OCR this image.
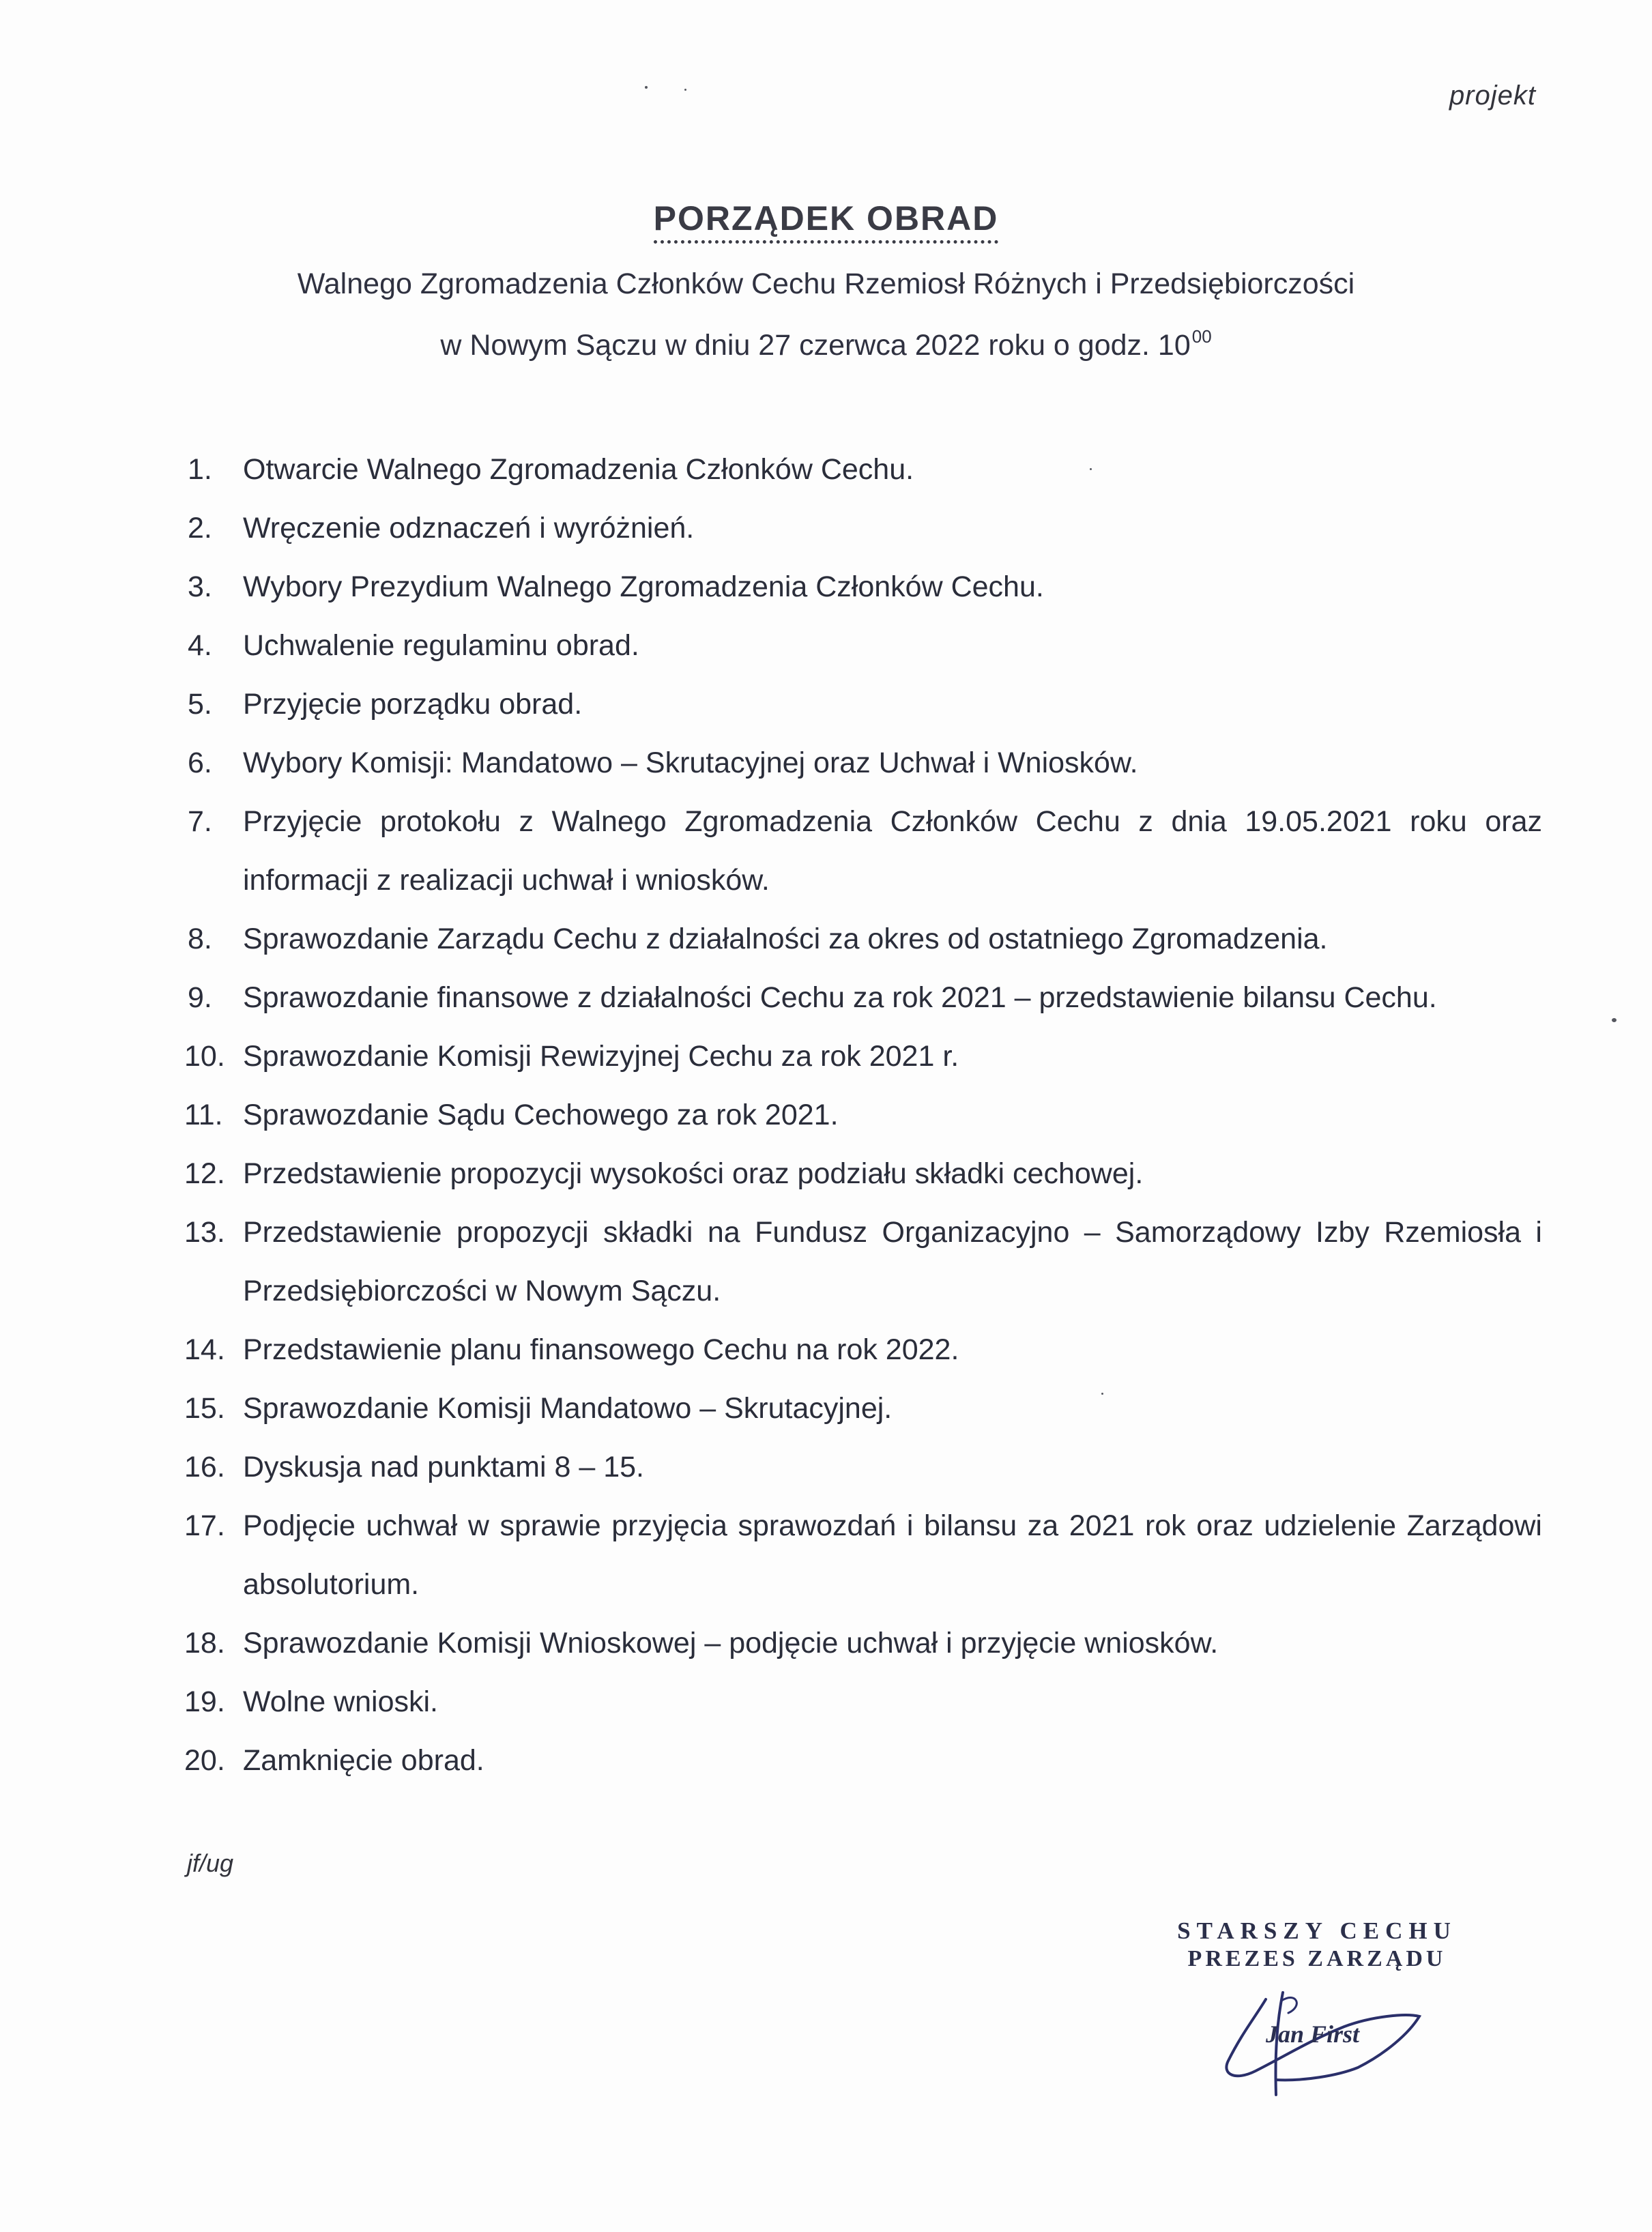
projekt
PORZĄDEK OBRAD
Walnego Zgromadzenia Członków Cechu Rzemiosł Różnych i Przedsiębiorczości
w Nowym Sączu w dniu 27 czerwca 2022 roku o godz. $10^{00}$
1.	Otwarcie Walnego Zgromadzenia Członków Cechu.
2.	Wręczenie odznaczeń i wyróżnień.
3.	Wybory Prezydium Walnego Zgromadzenia Członków Cechu.
4.	Uchwalenie regulaminu obrad.
5.	Przyjęcie porządku obrad.
6.	Wybory Komisji: Mandatowo – Skrutacyjnej oraz Uchwał i Wniosków.
7.	Przyjęcie protokołu z Walnego Zgromadzenia Członków Cechu z dnia 19.05.2021 roku oraz informacji z realizacji uchwał i wniosków.
8.	Sprawozdanie Zarządu Cechu z działalności za okres od ostatniego Zgromadzenia.
9.	Sprawozdanie finansowe z działalności Cechu za rok 2021 – przedstawienie bilansu Cechu.
10. Sprawozdanie Komisji Rewizyjnej Cechu za rok 2021 r.
11. Sprawozdanie Sądu Cechowego za rok 2021.
12. Przedstawienie propozycji wysokości oraz podziału składki cechowej.
13. Przedstawienie propozycji składki na Fundusz Organizacyjno – Samorządowy Izby Rzemiosła i Przedsiębiorczości w Nowym Sączu.
14. Przedstawienie planu finansowego Cechu na rok 2022.
15. Sprawozdanie Komisji Mandatowo – Skrutacyjnej.
16. Dyskusja nad punktami 8 – 15.
17. Podjęcie uchwał w sprawie przyjęcia sprawozdań i bilansu za 2021 rok oraz udzielenie Zarządowi absolutorium.
18. Sprawozdanie Komisji Wnioskowej – podjęcie uchwał i przyjęcie wniosków.
19. Wolne wnioski.
20. Zamknięcie obrad.
jf/ug
STARSZY CECHU
PREZES ZARZĄDU
Jan First
